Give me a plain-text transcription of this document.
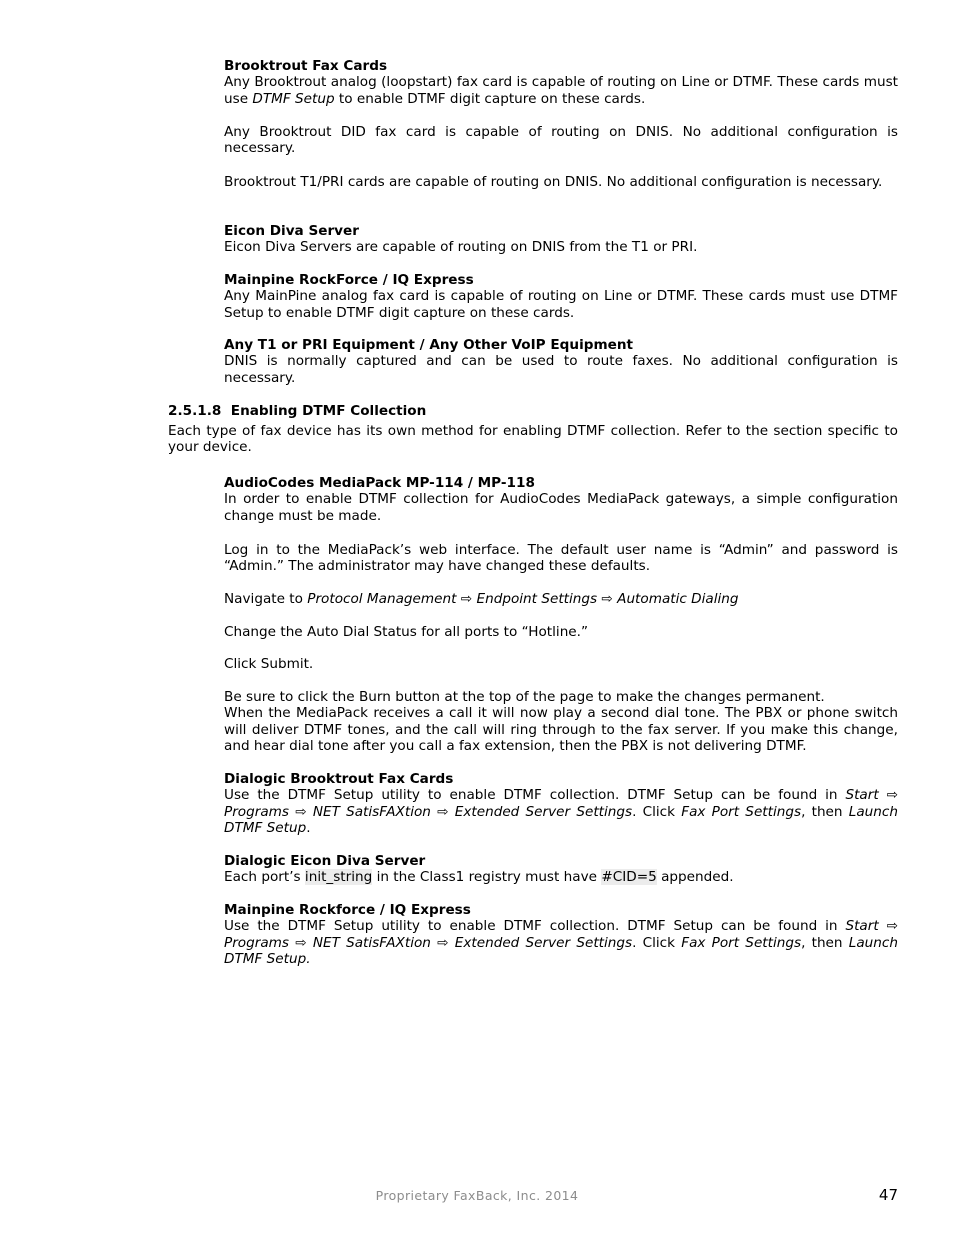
Brooktrout Fax Cards
Any Brooktrout analog (loopstart) fax card is capable of routing on Line or DTMF. These cards must use DTMF Setup to enable DTMF digit capture on these cards.
Any Brooktrout DID fax card is capable of routing on DNIS. No additional configuration is necessary.
Brooktrout T1/PRI cards are capable of routing on DNIS. No additional configuration is necessary.
Eicon Diva Server
Eicon Diva Servers are capable of routing on DNIS from the T1 or PRI.
Mainpine RockForce / IQ Express
Any MainPine analog fax card is capable of routing on Line or DTMF. These cards must use DTMF Setup to enable DTMF digit capture on these cards.
Any T1 or PRI Equipment / Any Other VoIP Equipment
DNIS is normally captured and can be used to route faxes. No additional configuration is necessary.
2.5.1.8  Enabling DTMF Collection
Each type of fax device has its own method for enabling DTMF collection. Refer to the section specific to your device.
AudioCodes MediaPack MP-114 / MP-118
In order to enable DTMF collection for AudioCodes MediaPack gateways, a simple configuration change must be made.
Log in to the MediaPack’s web interface. The default user name is “Admin” and password is “Admin.” The administrator may have changed these defaults.
Navigate to Protocol Management ⇨ Endpoint Settings ⇨ Automatic Dialing
Change the Auto Dial Status for all ports to “Hotline.”
Click Submit.
Be sure to click the Burn button at the top of the page to make the changes permanent.
When the MediaPack receives a call it will now play a second dial tone. The PBX or phone switch will deliver DTMF tones, and the call will ring through to the fax server. If you make this change, and hear dial tone after you call a fax extension, then the PBX is not delivering DTMF.
Dialogic Brooktrout Fax Cards
Use the DTMF Setup utility to enable DTMF collection. DTMF Setup can be found in Start ⇨ Programs ⇨ NET SatisFAXtion ⇨ Extended Server Settings. Click Fax Port Settings, then Launch DTMF Setup.
Dialogic Eicon Diva Server
Each port’s init_string in the Class1 registry must have #CID=5 appended.
Mainpine Rockforce / IQ Express
Use the DTMF Setup utility to enable DTMF collection. DTMF Setup can be found in Start ⇨ Programs ⇨ NET SatisFAXtion ⇨ Extended Server Settings. Click Fax Port Settings, then Launch DTMF Setup.
Proprietary FaxBack, Inc. 2014	47
